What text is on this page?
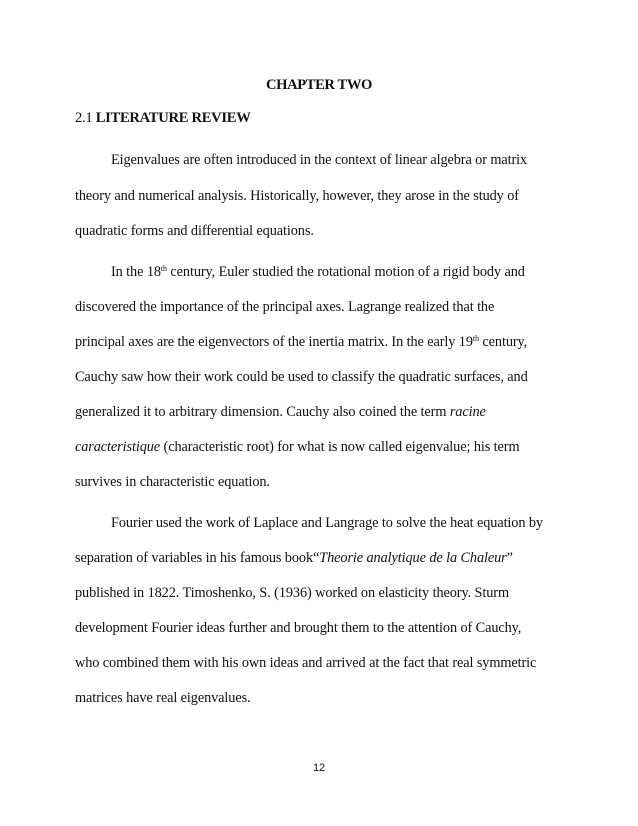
CHAPTER TWO
2.1 LITERATURE REVIEW
Eigenvalues are often introduced in the context of linear algebra or matrix
theory and numerical analysis. Historically, however, they arose in the study of
quadratic forms and differential equations.
In the 18th century, Euler studied the rotational motion of a rigid body and
discovered the importance of the principal axes. Lagrange realized that the
principal axes are the eigenvectors of the inertia matrix. In the early 19th century,
Cauchy saw how their work could be used to classify the quadratic surfaces, and
generalized it to arbitrary dimension. Cauchy also coined the term racine
caracteristique (characteristic root) for what is now called eigenvalue; his term
survives in characteristic equation.
Fourier used the work of Laplace and Langrage to solve the heat equation by
separation of variables in his famous book“Theorie analytique de la Chaleur”
published in 1822. Timoshenko, S. (1936) worked on elasticity theory. Sturm
development Fourier ideas further and brought them to the attention of Cauchy,
who combined them with his own ideas and arrived at the fact that real symmetric
matrices have real eigenvalues.
12
